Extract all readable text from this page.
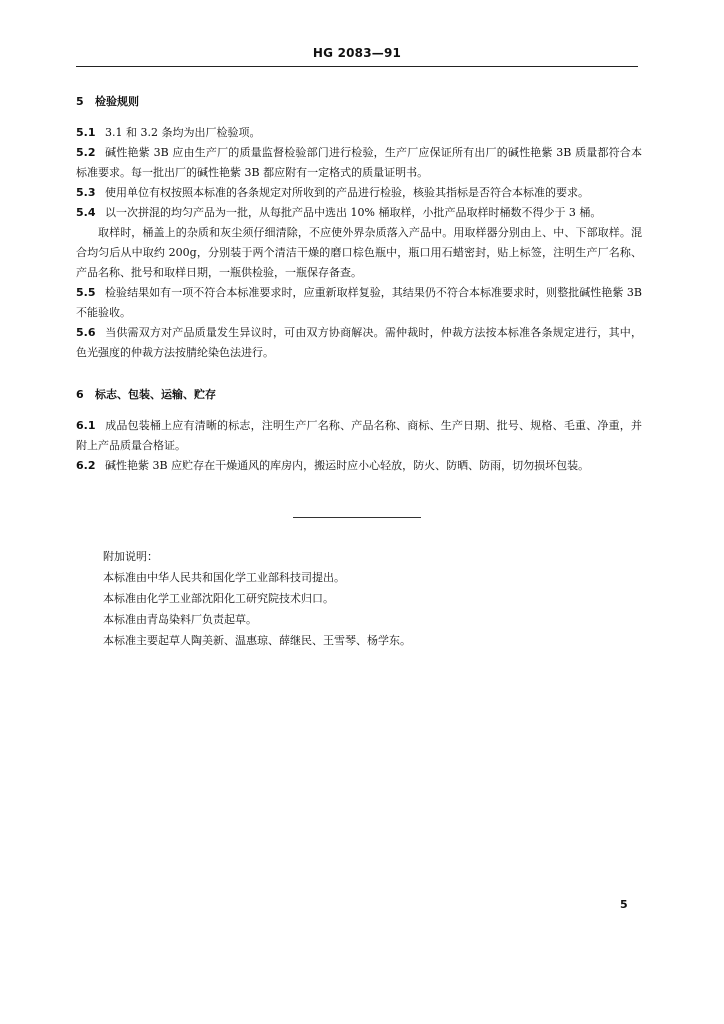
HG 2083—91
5 检验规则

5.1 3.1 和 3.2 条均为出厂检验项。

5.2 碱性艳紫 3B 应由生产厂的质量监督检验部门进行检验，生产厂应保证所有出厂的碱性艳紫 3B 质量都符合本标准要求。每一批出厂的碱性艳紫 3B 都应附有一定格式的质量证明书。

5.3 使用单位有权按照本标准的各条规定对所收到的产品进行检验，核验其指标是否符合本标准的要求。

5.4 以一次拼混的均匀产品为一批，从每批产品中选出 10% 桶取样，小批产品取样时桶数不得少于 3 桶。

取样时，桶盖上的杂质和灰尘须仔细清除，不应使外界杂质落入产品中。用取样器分别由上、中、下部取样。混合均匀后从中取约 200g，分别装于两个清洁干燥的磨口棕色瓶中，瓶口用石蜡密封，贴上标签，注明生产厂名称、产品名称、批号和取样日期，一瓶供检验，一瓶保存备查。

5.5 检验结果如有一项不符合本标准要求时，应重新取样复验，其结果仍不符合本标准要求时，则整批碱性艳紫 3B 不能验收。

5.6 当供需双方对产品质量发生异议时，可由双方协商解决。需仲裁时，仲裁方法按本标准各条规定进行，其中，色光强度的仲裁方法按腈纶染色法进行。

6 标志、包装、运输、贮存

6.1 成品包装桶上应有清晰的标志，注明生产厂名称、产品名称、商标、生产日期、批号、规格、毛重、净重，并附上产品质量合格证。

6.2 碱性艳紫 3B 应贮存在干燥通风的库房内，搬运时应小心轻放，防火、防晒、防雨，切勿损坏包装。

附加说明：
本标准由中华人民共和国化学工业部科技司提出。
本标准由化学工业部沈阳化工研究院技术归口。
本标准由青岛染料厂负责起草。
本标准主要起草人陶美新、温惠琼、薛继民、王雪琴、杨学东。
5
